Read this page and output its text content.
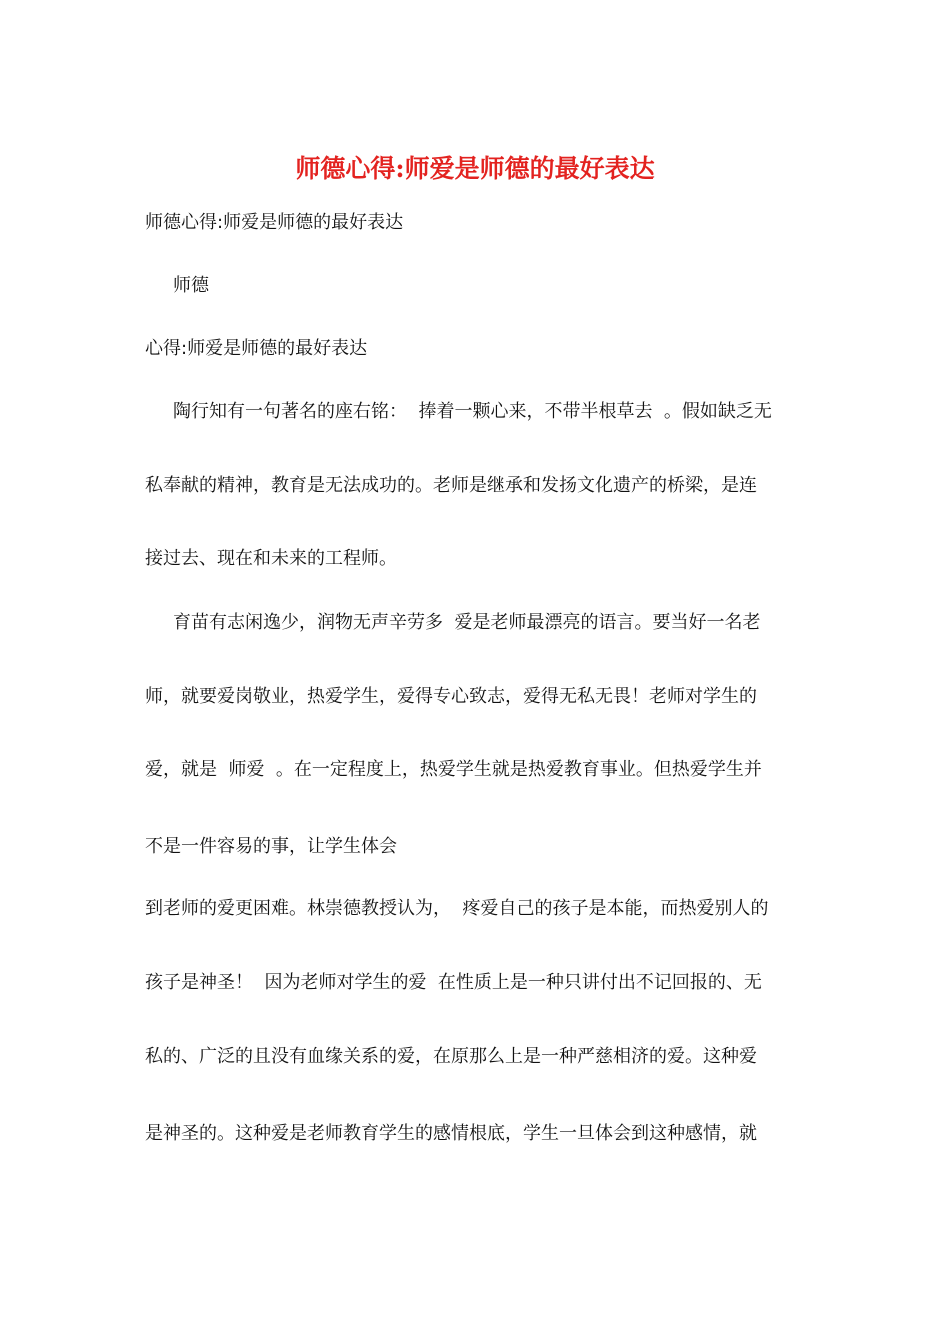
师德心得:师爱是师德的最好表达
师德心得:师爱是师德的最好表达
师德
心得:师爱是师德的最好表达
陶行知有一句著名的座右铭：  捧着一颗心来，不带半根草去  。假如缺乏无
私奉献的精神，教育是无法成功的。老师是继承和发扬文化遗产的桥梁，是连
接过去、现在和未来的工程师。
育苗有志闲逸少，润物无声辛劳多  爱是老师最漂亮的语言。要当好一名老
师，就要爱岗敬业，热爱学生，爱得专心致志，爱得无私无畏！老师对学生的
爱，就是  师爱  。在一定程度上，热爱学生就是热爱教育事业。但热爱学生并
不是一件容易的事，让学生体会
到老师的爱更困难。林崇德教授认为，  疼爱自己的孩子是本能，而热爱别人的
孩子是神圣！  因为老师对学生的爱  在性质上是一种只讲付出不记回报的、无
私的、广泛的且没有血缘关系的爱，在原那么上是一种严慈相济的爱。这种爱
是神圣的。这种爱是老师教育学生的感情根底，学生一旦体会到这种感情，就
